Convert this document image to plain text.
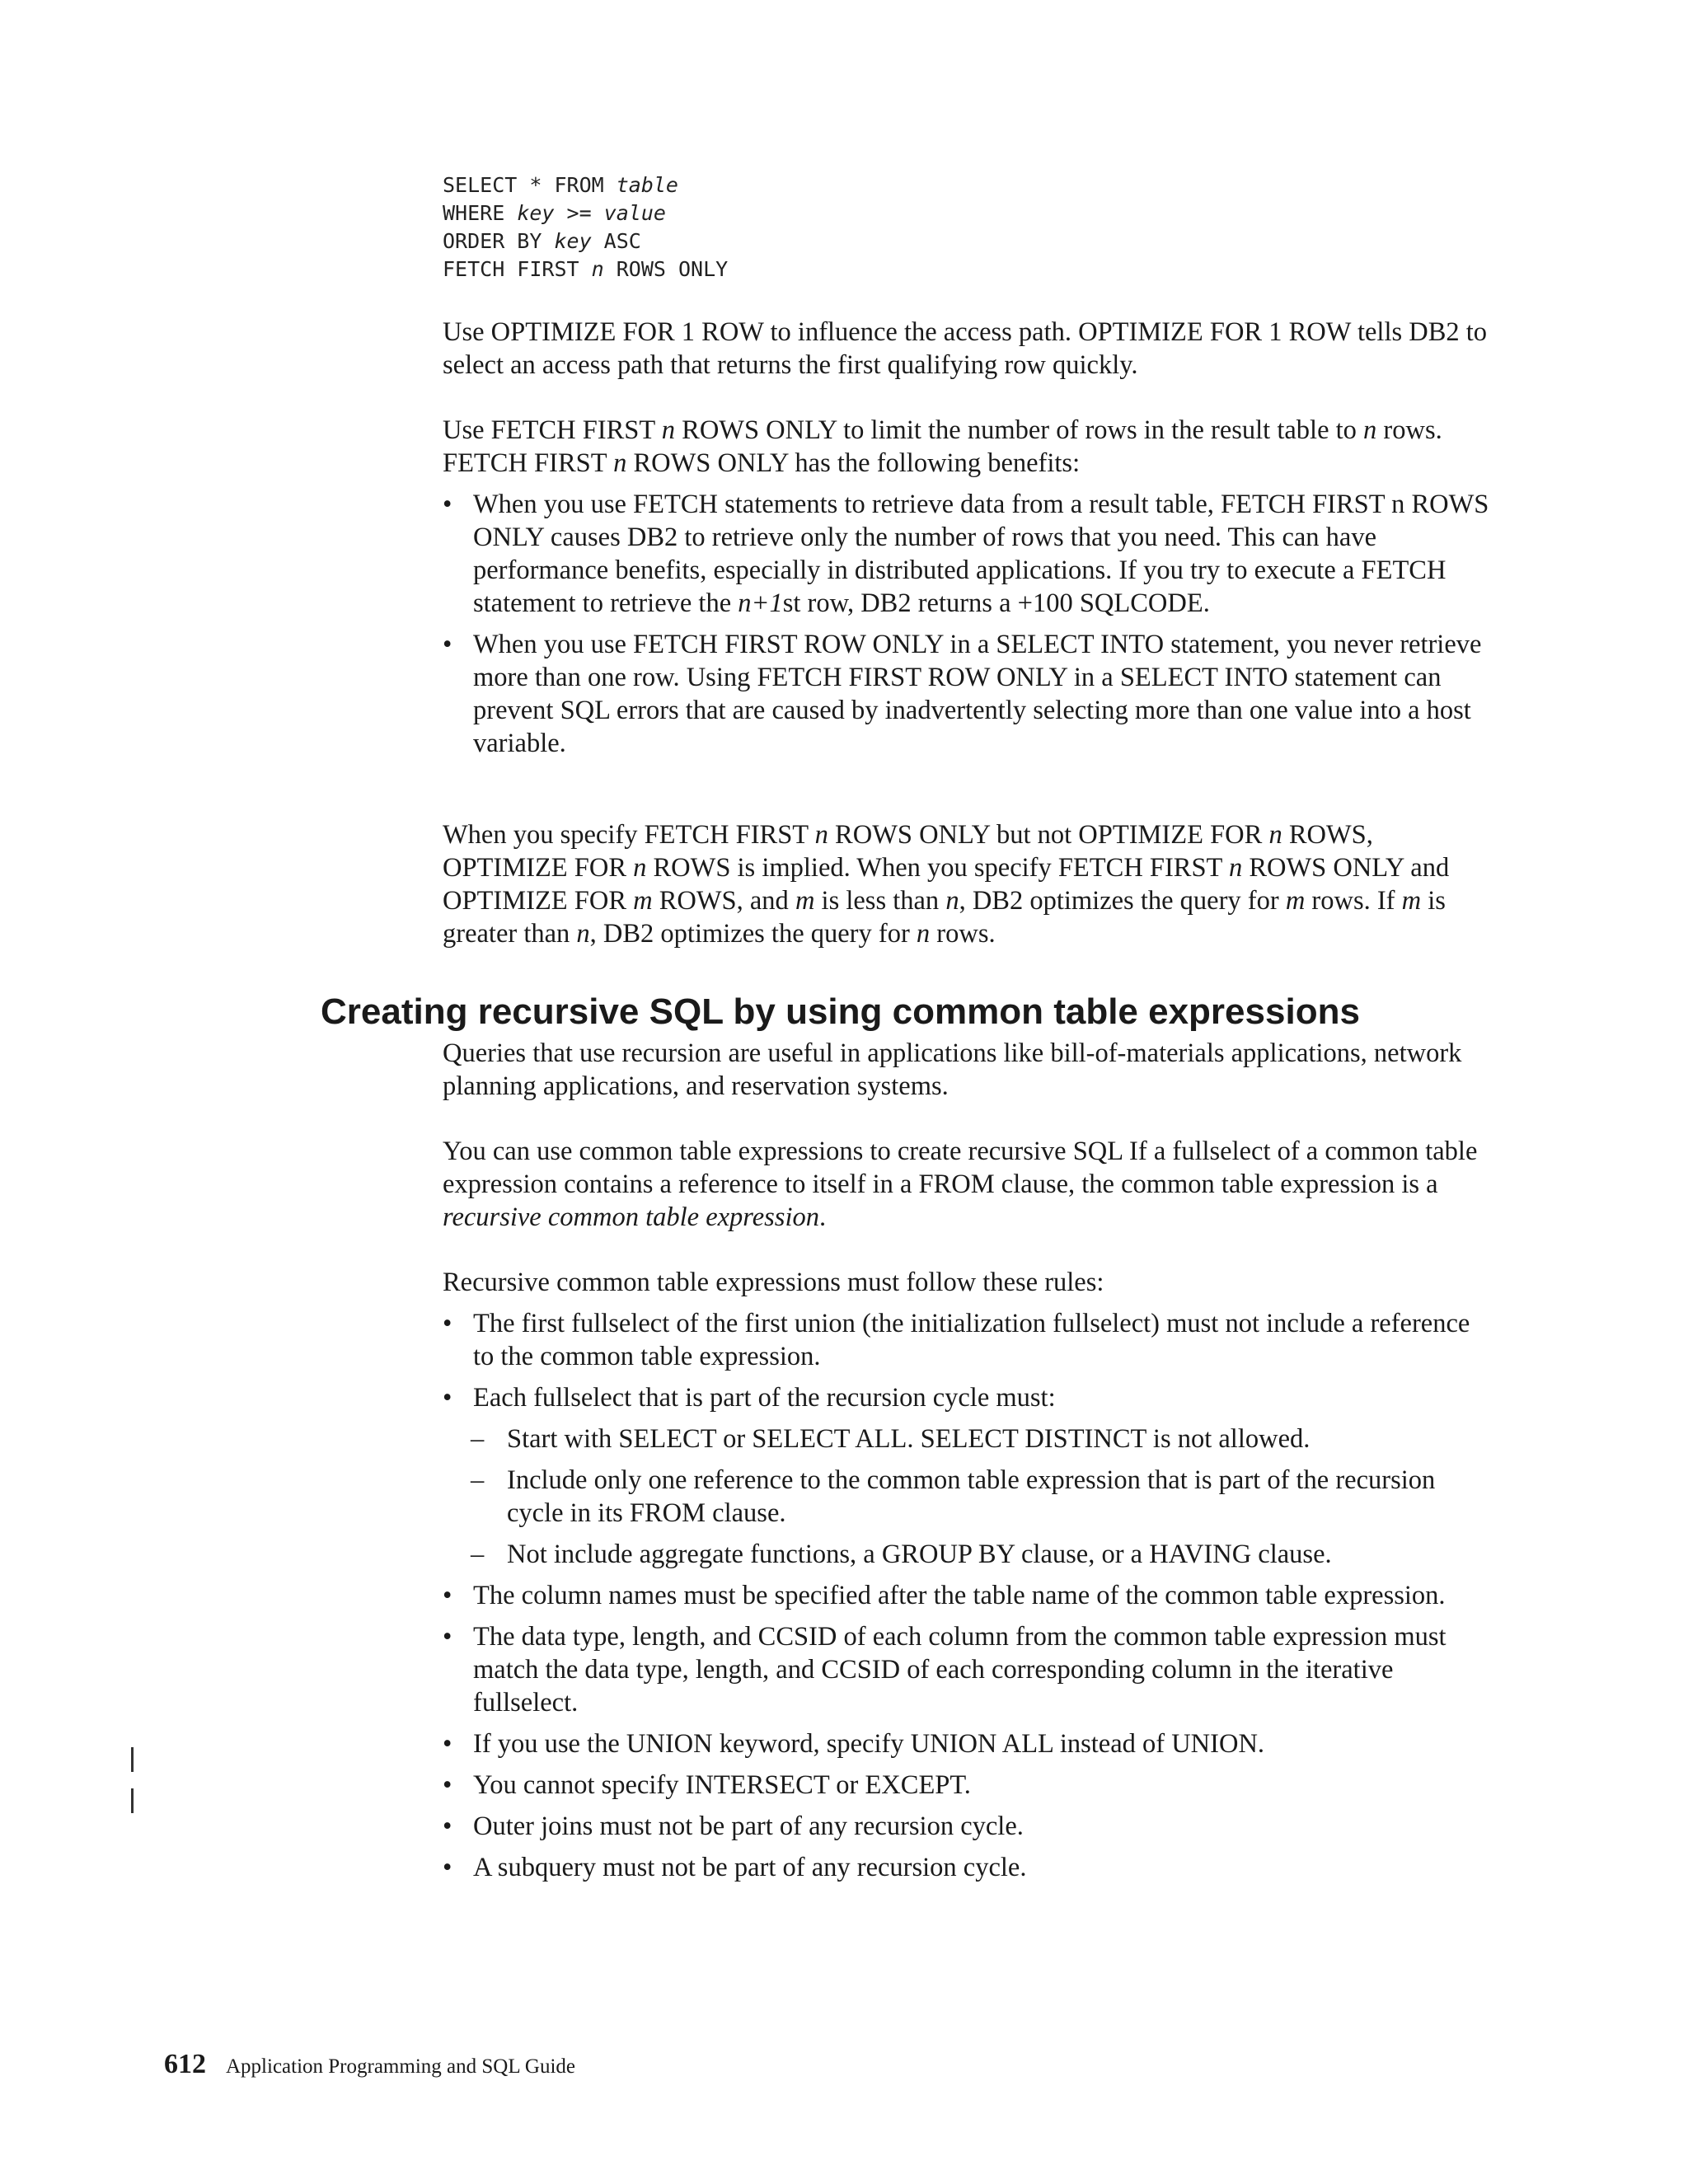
SELECT * FROM table
WHERE key >= value
ORDER BY key ASC
FETCH FIRST n ROWS ONLY

Use OPTIMIZE FOR 1 ROW to influence the access path. OPTIMIZE FOR 1 ROW tells DB2 to select an access path that returns the first qualifying row quickly.

Use FETCH FIRST n ROWS ONLY to limit the number of rows in the result table to n rows. FETCH FIRST n ROWS ONLY has the following benefits:

• When you use FETCH statements to retrieve data from a result table, FETCH FIRST n ROWS ONLY causes DB2 to retrieve only the number of rows that you need. This can have performance benefits, especially in distributed applications. If you try to execute a FETCH statement to retrieve the n+1st row, DB2 returns a +100 SQLCODE.
• When you use FETCH FIRST ROW ONLY in a SELECT INTO statement, you never retrieve more than one row. Using FETCH FIRST ROW ONLY in a SELECT INTO statement can prevent SQL errors that are caused by inadvertently selecting more than one value into a host variable.

When you specify FETCH FIRST n ROWS ONLY but not OPTIMIZE FOR n ROWS, OPTIMIZE FOR n ROWS is implied. When you specify FETCH FIRST n ROWS ONLY and OPTIMIZE FOR m ROWS, and m is less than n, DB2 optimizes the query for m rows. If m is greater than n, DB2 optimizes the query for n rows.

Creating recursive SQL by using common table expressions

Queries that use recursion are useful in applications like bill-of-materials applications, network planning applications, and reservation systems.

You can use common table expressions to create recursive SQL If a fullselect of a common table expression contains a reference to itself in a FROM clause, the common table expression is a recursive common table expression.

Recursive common table expressions must follow these rules:

• The first fullselect of the first union (the initialization fullselect) must not include a reference to the common table expression.
• Each fullselect that is part of the recursion cycle must:
– Start with SELECT or SELECT ALL. SELECT DISTINCT is not allowed.
– Include only one reference to the common table expression that is part of the recursion cycle in its FROM clause.
– Not include aggregate functions, a GROUP BY clause, or a HAVING clause.
• The column names must be specified after the table name of the common table expression.
• The data type, length, and CCSID of each column from the common table expression must match the data type, length, and CCSID of each corresponding column in the iterative fullselect.
• If you use the UNION keyword, specify UNION ALL instead of UNION.
• You cannot specify INTERSECT or EXCEPT.
• Outer joins must not be part of any recursion cycle.
• A subquery must not be part of any recursion cycle.
612 Application Programming and SQL Guide
